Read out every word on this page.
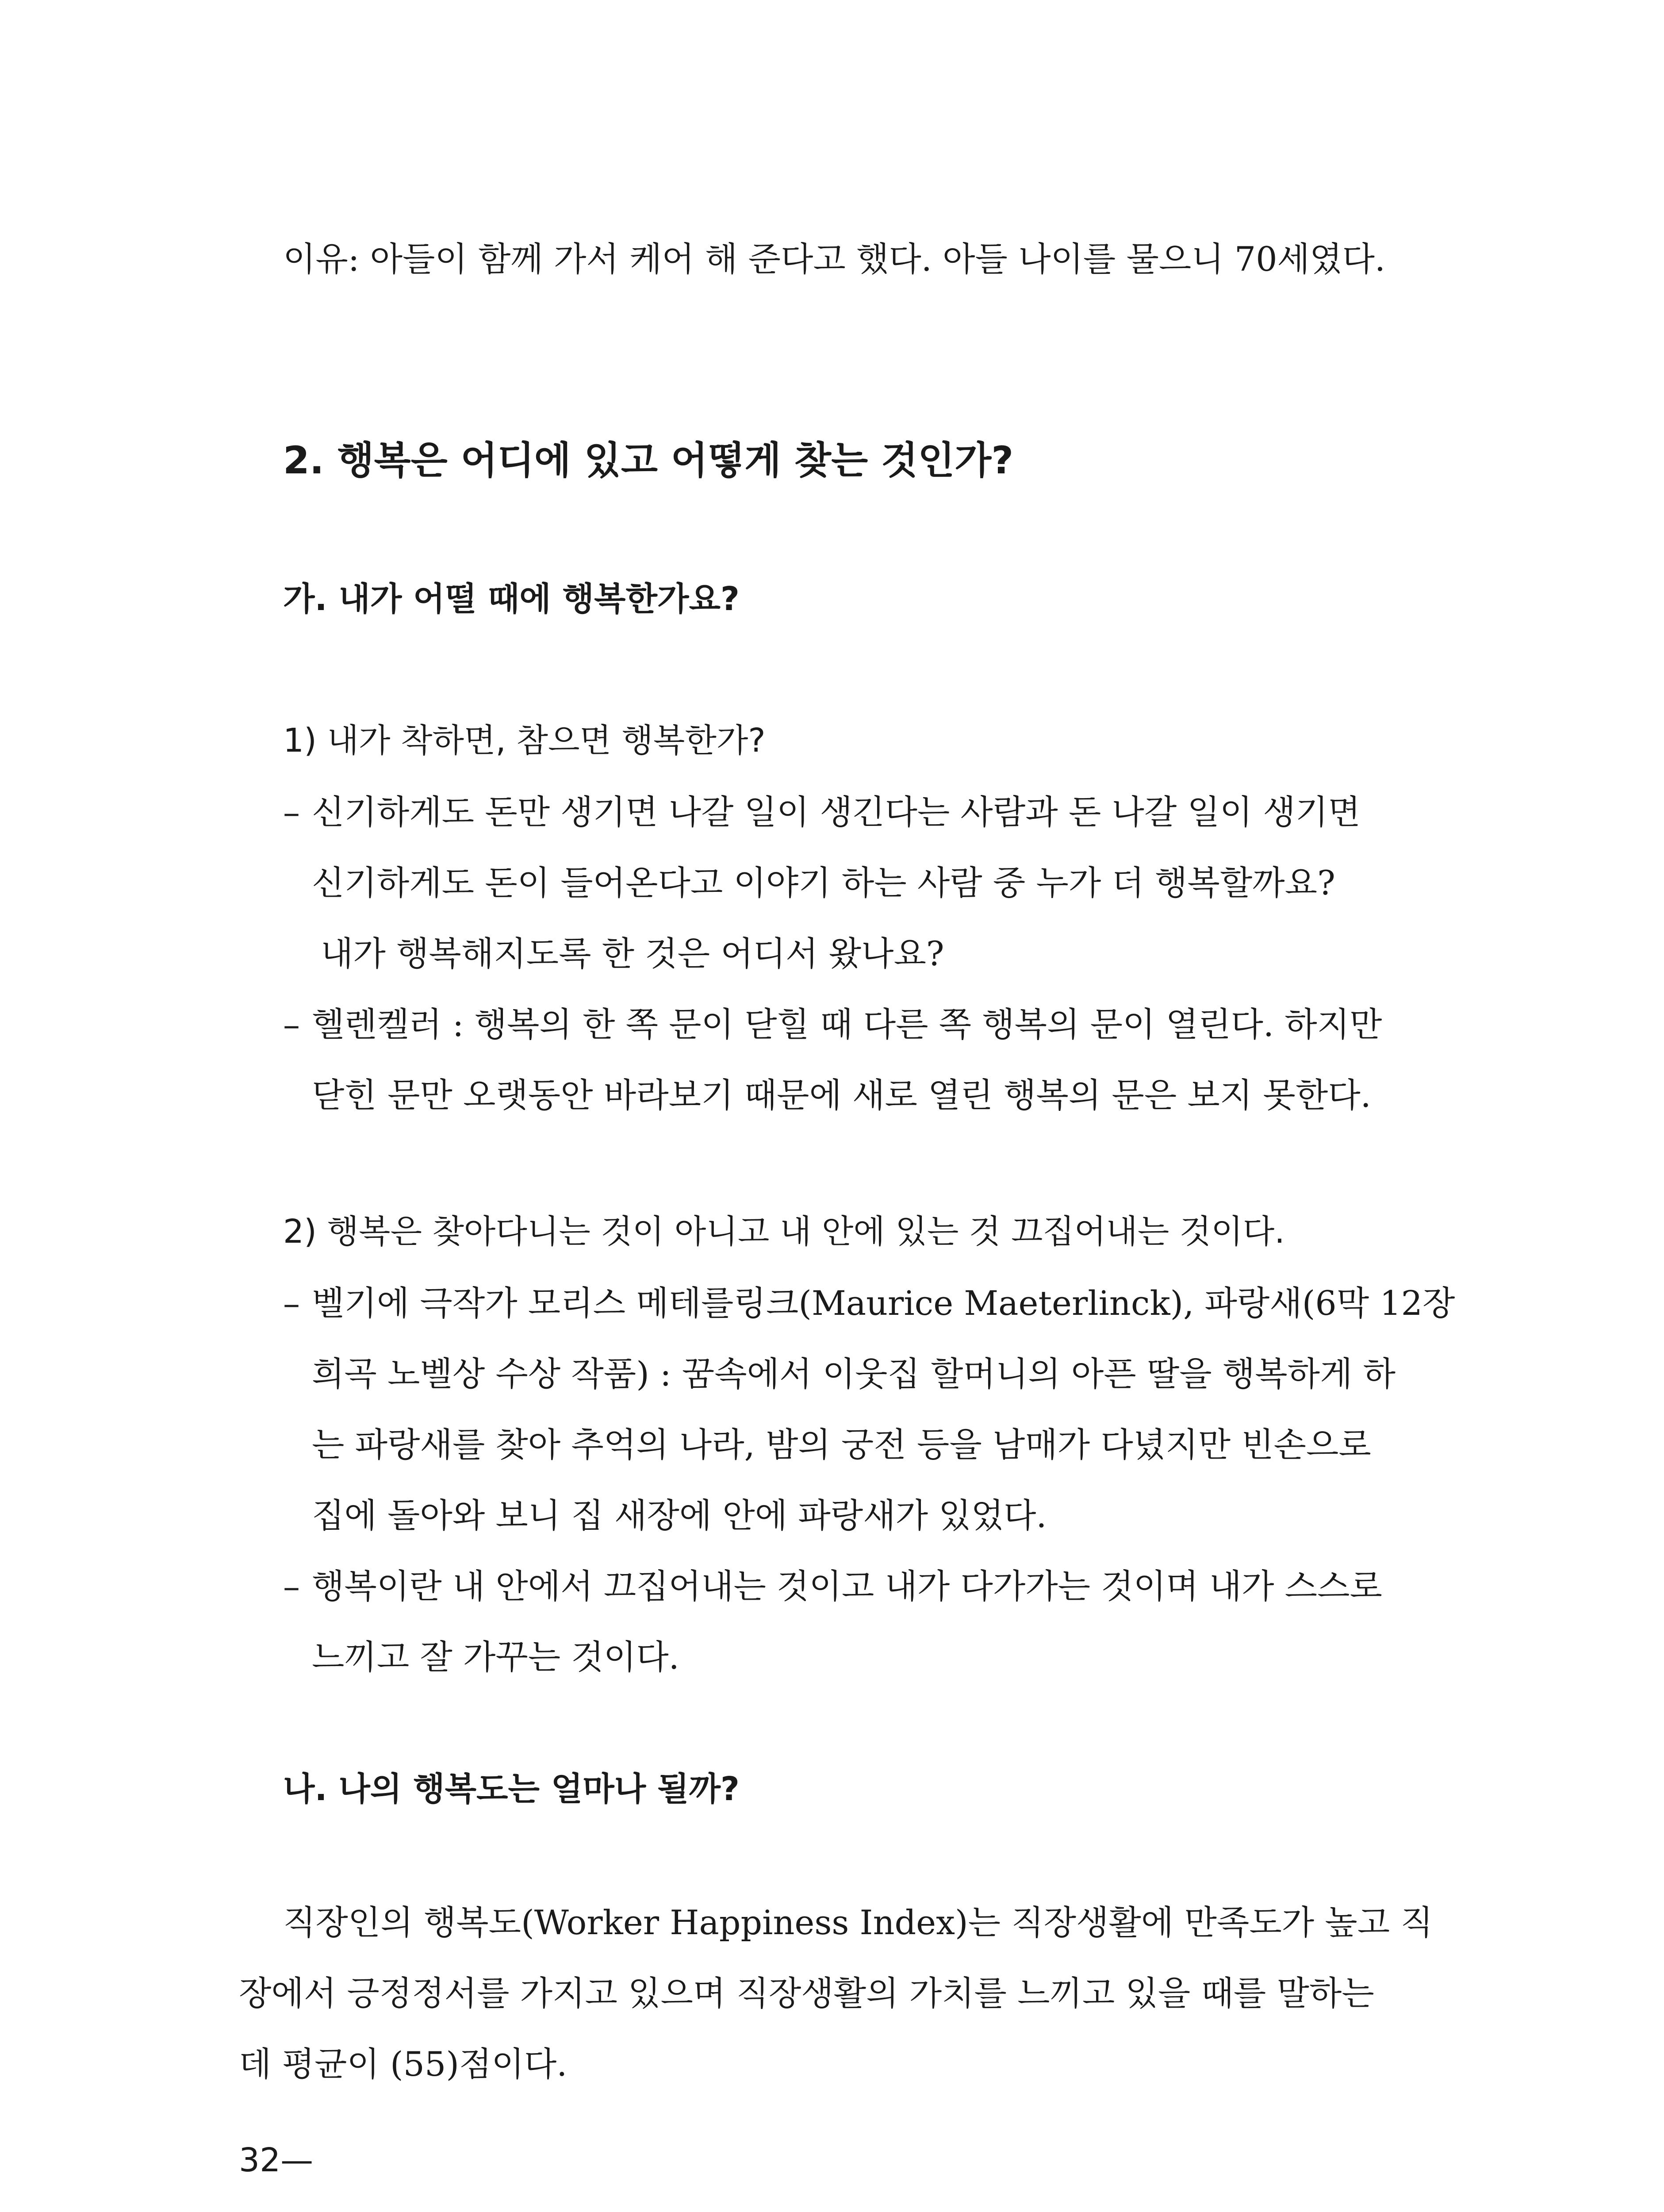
이유: 아들이 함께 가서 케어 해 준다고 했다. 아들 나이를 물으니 70세였다.
2. 행복은 어디에 있고 어떻게 찾는 것인가?
가. 내가 어떨 때에 행복한가요?
1) 내가 착하면, 참으면 행복한가?
– 신기하게도 돈만 생기면 나갈 일이 생긴다는 사람과 돈 나갈 일이 생기면
신기하게도 돈이 들어온다고 이야기 하는 사람 중 누가 더 행복할까요?
내가 행복해지도록 한 것은 어디서 왔나요?
– 헬렌켈러 : 행복의 한 쪽 문이 닫힐 때 다른 쪽 행복의 문이 열린다. 하지만
닫힌 문만 오랫동안 바라보기 때문에 새로 열린 행복의 문은 보지 못한다.
2) 행복은 찾아다니는 것이 아니고 내 안에 있는 것 끄집어내는 것이다.
– 벨기에 극작가 모리스 메테를링크(Maurice Maeterlinck), 파랑새(6막 12장
희곡 노벨상 수상 작품) : 꿈속에서 이웃집 할머니의 아픈 딸을 행복하게 하
는 파랑새를 찾아 추억의 나라, 밤의 궁전 등을 남매가 다녔지만 빈손으로
집에 돌아와 보니 집 새장에 안에 파랑새가 있었다.
– 행복이란 내 안에서 끄집어내는 것이고 내가 다가가는 것이며 내가 스스로
느끼고 잘 가꾸는 것이다.
나. 나의 행복도는 얼마나 될까?
직장인의 행복도(Worker Happiness Index)는 직장생활에 만족도가 높고 직
장에서 긍정정서를 가지고 있으며 직장생활의 가치를 느끼고 있을 때를 말하는
데 평균이 (55)점이다.
32—
